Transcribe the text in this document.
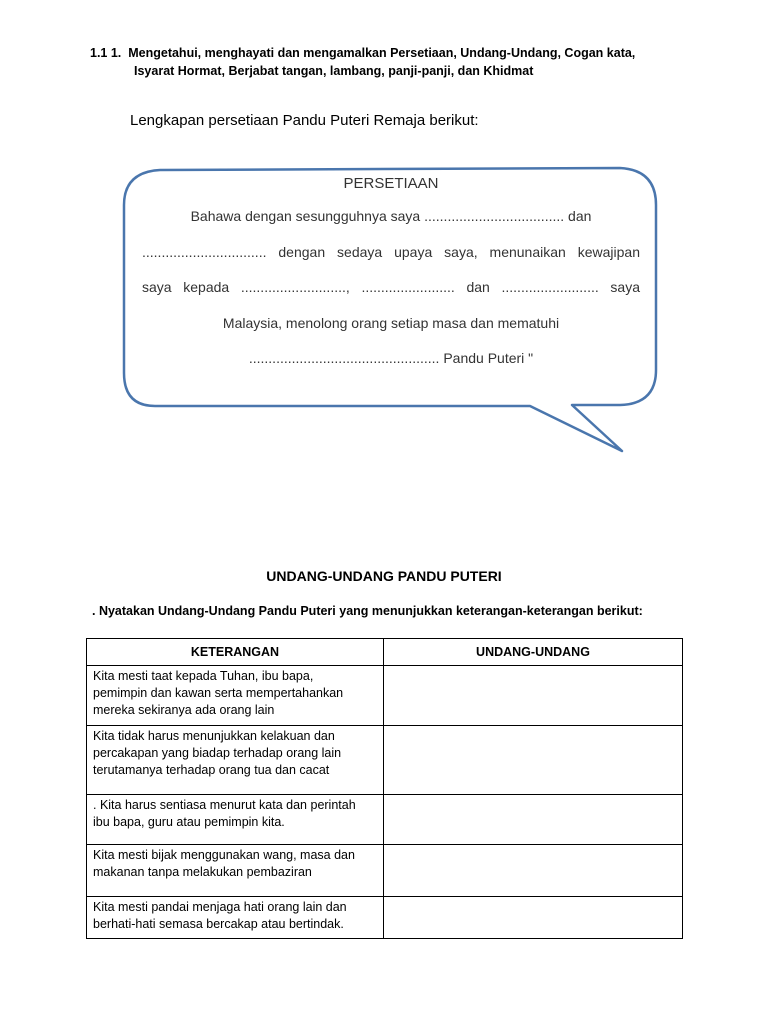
1.1 1. Mengetahui, menghayati dan mengamalkan Persetiaan, Undang-Undang, Cogan kata,
Isyarat Hormat, Berjabat tangan, lambang, panji-panji, dan Khidmat
Lengkapan persetiaan Pandu Puteri Remaja berikut:
PERSETIAAN
Bahawa dengan sesungguhnya saya .................................... dan
................................ dengan sedaya upaya saya, menunaikan kewajipan
saya kepada ..........................., ........................ dan ......................... saya
Malaysia, menolong orang setiap masa dan mematuhi
................................................. Pandu Puteri "
UNDANG-UNDANG PANDU PUTERI
. Nyatakan Undang-Undang Pandu Puteri yang menunjukkan keterangan-keterangan berikut:
KETERANGAN	UNDANG-UNDANG

Kita mesti taat kepada Tuhan, ibu bapa,
pemimpin dan kawan serta mempertahankan
mereka sekiranya ada orang lain	

Kita tidak harus menunjukkan kelakuan dan
percakapan yang biadap terhadap orang lain
terutamanya terhadap orang tua dan cacat	

. Kita harus sentiasa menurut kata dan perintah
ibu bapa, guru atau pemimpin kita.	

Kita mesti bijak menggunakan wang, masa dan
makanan tanpa melakukan pembaziran	

Kita mesti pandai menjaga hati orang lain dan
berhati-hati semasa bercakap atau bertindak.	
